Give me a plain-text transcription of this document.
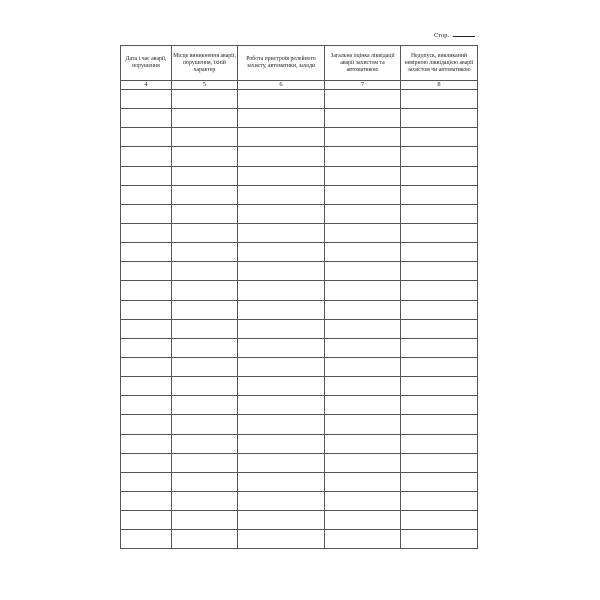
Стор.
Дата і час аварії, порушення	Місце виникнення аварії, порушення, їхній характер	Робота пристроїв релейного захисту, автоматики, заходи	Загальна оцінка ліквідації аварії захистом та автоматикою	Недопуск, викликаний невірною ліквідацією аварії захистом чи автоматикою
4	5	6	7	8
